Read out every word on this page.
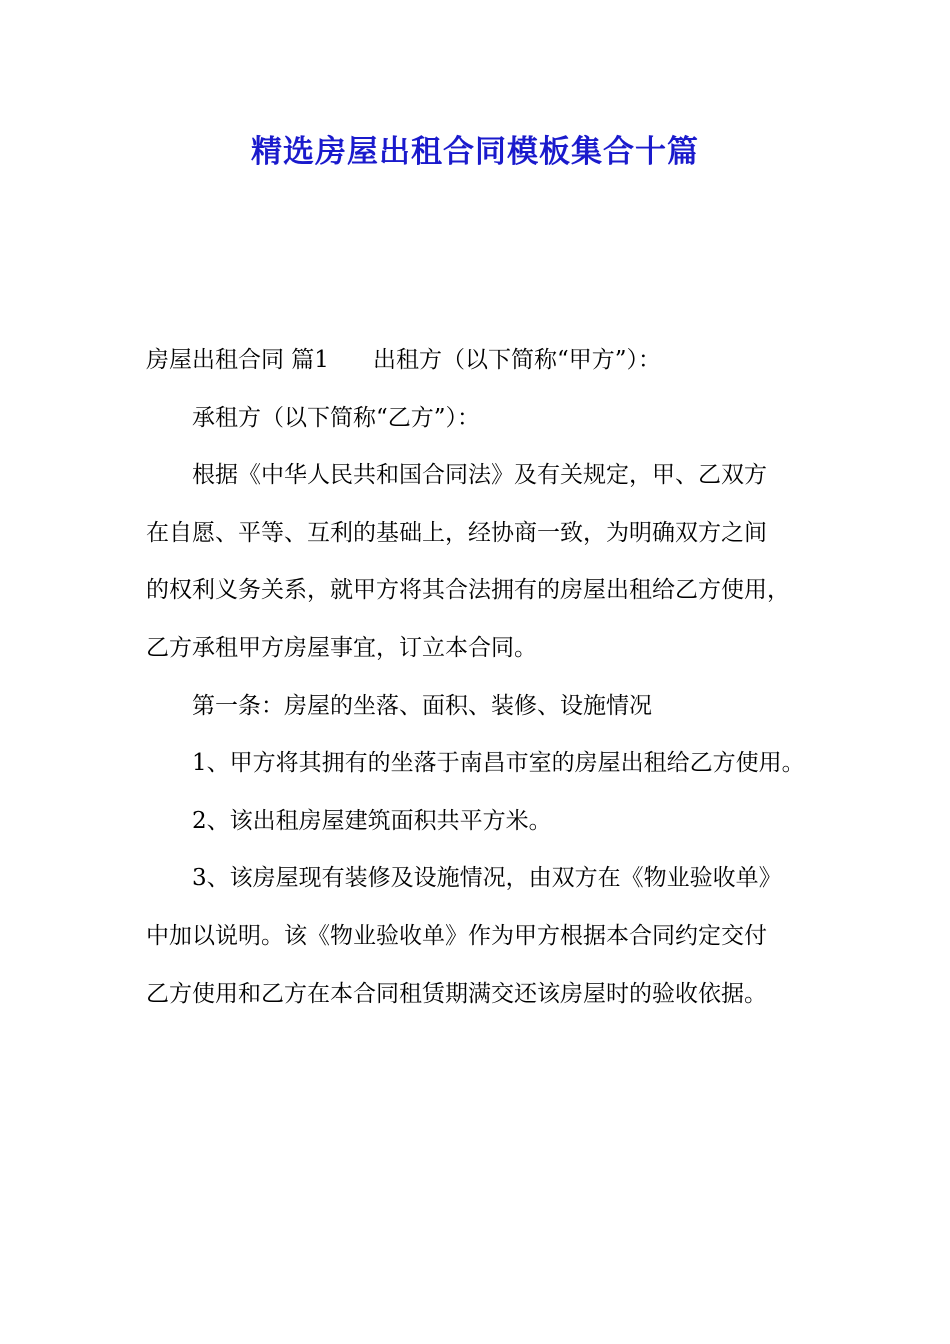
精选房屋出租合同模板集合十篇

房屋出租合同 篇1 出租方（以下简称“甲方”）：

承租方（以下简称“乙方”）：

根据《中华人民共和国合同法》及有关规定，甲、乙双方

在自愿、平等、互利的基础上，经协商一致，为明确双方之间

的权利义务关系，就甲方将其合法拥有的房屋出租给乙方使用，

乙方承租甲方房屋事宜，订立本合同。

第一条：房屋的坐落、面积、装修、设施情况

1、甲方将其拥有的坐落于南昌市室的房屋出租给乙方使用。

2、该出租房屋建筑面积共平方米。

3、该房屋现有装修及设施情况，由双方在《物业验收单》

中加以说明。该《物业验收单》作为甲方根据本合同约定交付

乙方使用和乙方在本合同租赁期满交还该房屋时的验收依据。
